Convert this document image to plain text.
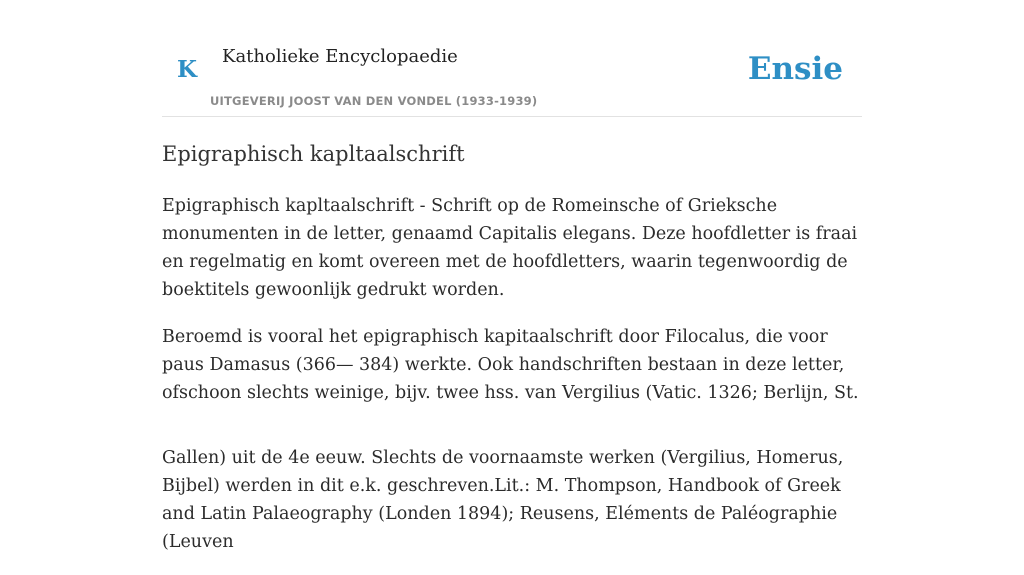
K Katholieke Encyclopaedie
UITGEVERIJ JOOST VAN DEN VONDEL (1933-1939)
Ensie
Epigraphisch kapltaalschrift

Epigraphisch kapltaalschrift - Schrift op de Romeinsche of Grieksche monumenten in de letter, genaamd Capitalis elegans. Deze hoofdletter is fraai en regelmatig en komt overeen met de hoofdletters, waarin tegenwoordig de boektitels gewoonlijk gedrukt worden.

Beroemd is vooral het epigraphisch kapitaalschrift door Filocalus, die voor paus Damasus (366— 384) werkte. Ook handschriften bestaan in deze letter, ofschoon slechts weinige, bijv. twee hss. van Vergilius (Vatic. 1326; Berlijn, St.

Gallen) uit de 4e eeuw. Slechts de voornaamste werken (Vergilius, Homerus, Bijbel) werden in dit e.k. geschreven.Lit.: M. Thompson, Handbook of Greek and Latin Palaeography (Londen 1894); Reusens, Eléments de Paléographie (Leuven
